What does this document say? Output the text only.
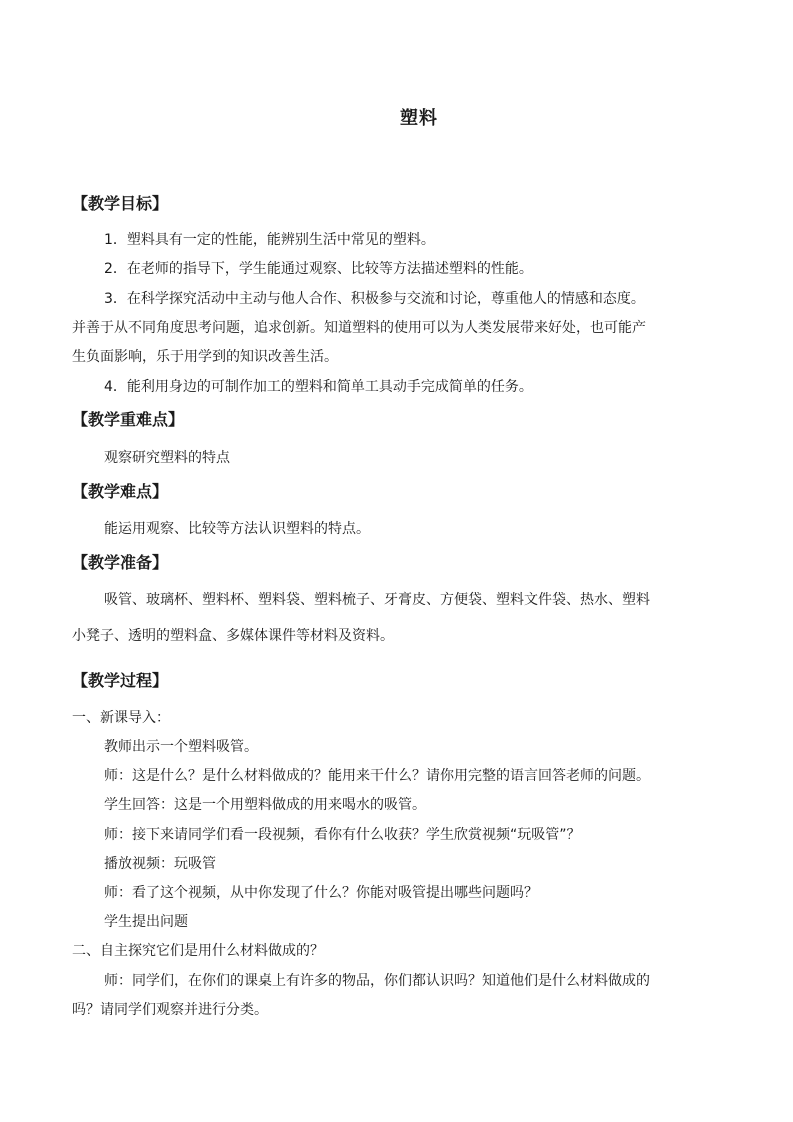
塑料
【教学目标】
1．塑料具有一定的性能，能辨别生活中常见的塑料。
2．在老师的指导下，学生能通过观察、比较等方法描述塑料的性能。
3．在科学探究活动中主动与他人合作、积极参与交流和讨论，尊重他人的情感和态度。
并善于从不同角度思考问题，追求创新。知道塑料的使用可以为人类发展带来好处，也可能产
生负面影响，乐于用学到的知识改善生活。
4．能利用身边的可制作加工的塑料和简单工具动手完成简单的任务。
【教学重难点】
观察研究塑料的特点
【教学难点】
能运用观察、比较等方法认识塑料的特点。
【教学准备】
吸管、玻璃杯、塑料杯、塑料袋、塑料梳子、牙膏皮、方便袋、塑料文件袋、热水、塑料
小凳子、透明的塑料盒、多媒体课件等材料及资料。
【教学过程】
一、新课导入：
教师出示一个塑料吸管。
师：这是什么？是什么材料做成的？能用来干什么？请你用完整的语言回答老师的问题。
学生回答：这是一个用塑料做成的用来喝水的吸管。
师：接下来请同学们看一段视频，看你有什么收获？学生欣赏视频“玩吸管”？
播放视频：玩吸管
师：看了这个视频，从中你发现了什么？你能对吸管提出哪些问题吗？
学生提出问题
二、自主探究它们是用什么材料做成的？
师：同学们，在你们的课桌上有许多的物品，你们都认识吗？知道他们是什么材料做成的
吗？请同学们观察并进行分类。
